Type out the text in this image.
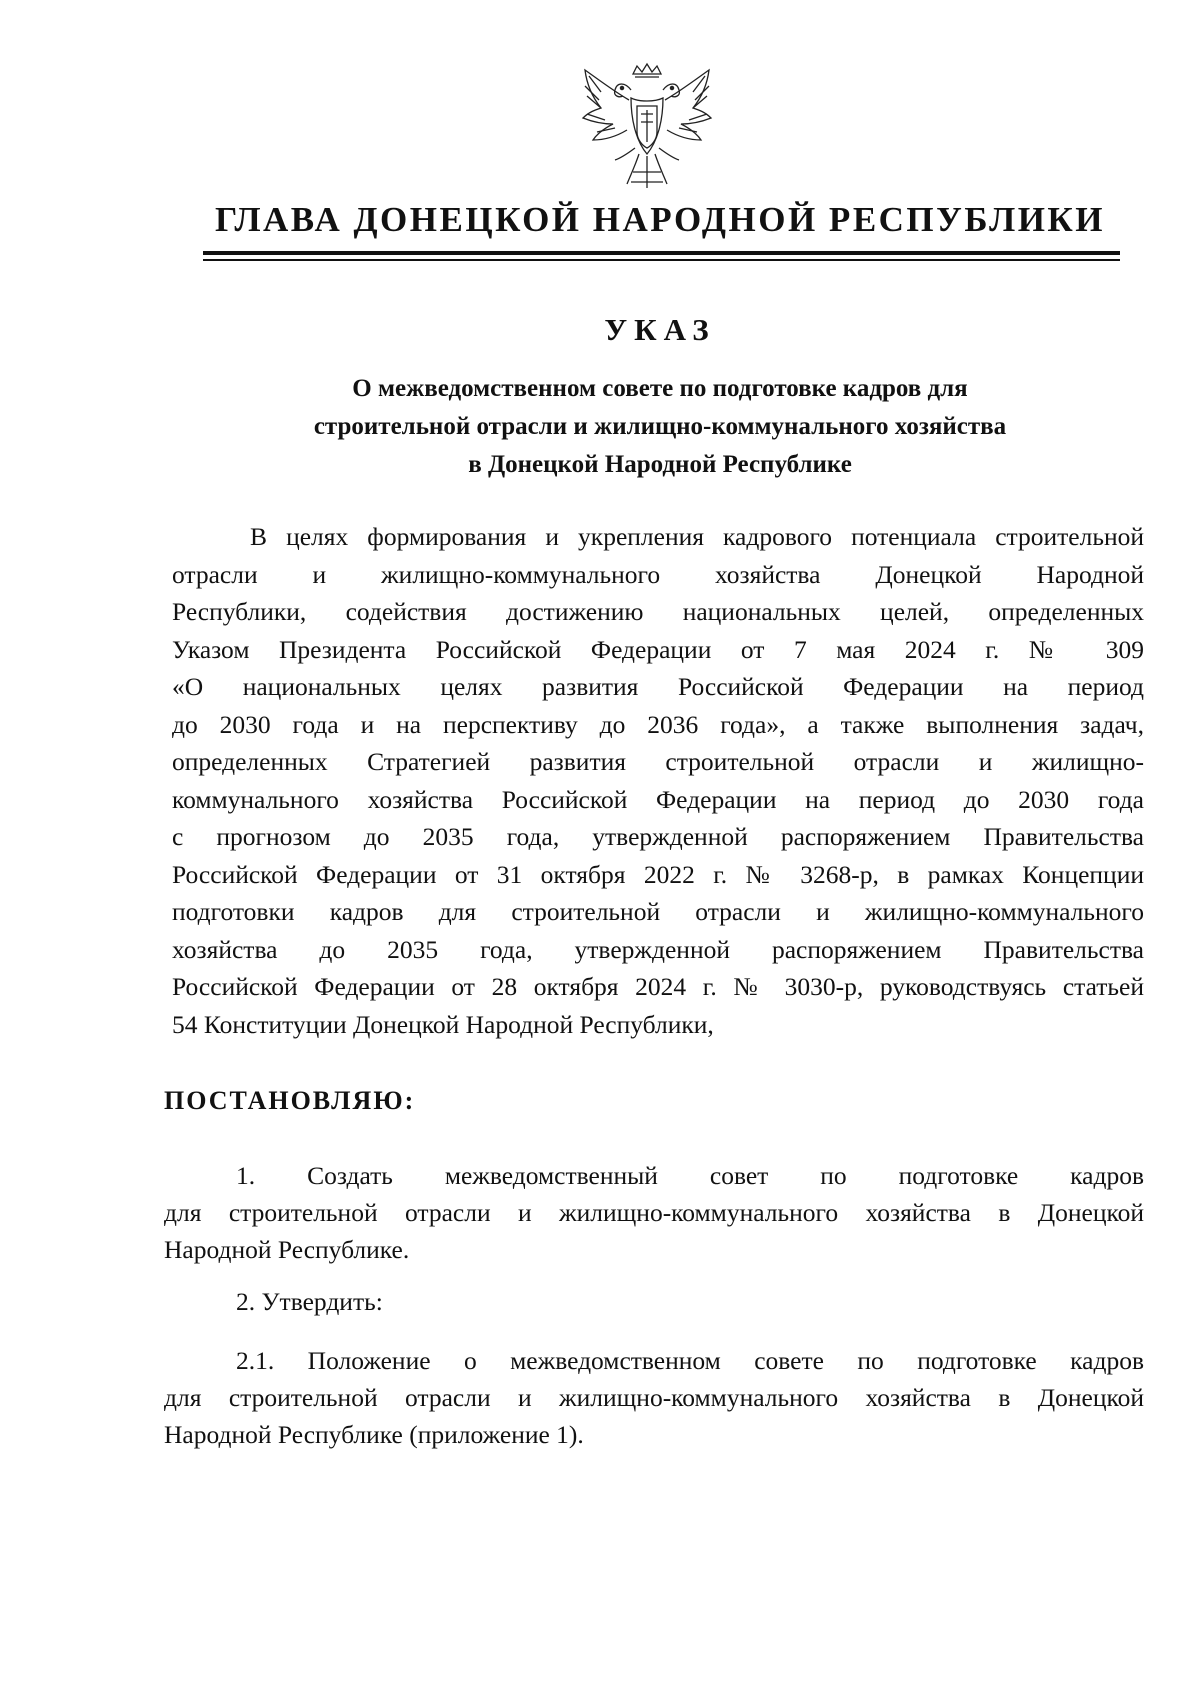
ГЛАВА ДОНЕЦКОЙ НАРОДНОЙ РЕСПУБЛИКИ
УКАЗ
О межведомственном совете по подготовке кадров для
строительной отрасли и жилищно-коммунального хозяйства
в Донецкой Народной Республике
В целях формирования и укрепления кадрового потенциала строительной
отрасли и жилищно-коммунального хозяйства Донецкой Народной
Республики, содействия достижению национальных целей, определенных
Указом Президента Российской Федерации от 7 мая 2024 г. № 309
«О национальных целях развития Российской Федерации на период
до 2030 года и на перспективу до 2036 года», а также выполнения задач,
определенных Стратегией развития строительной отрасли и жилищно-
коммунального хозяйства Российской Федерации на период до 2030 года
с прогнозом до 2035 года, утвержденной распоряжением Правительства
Российской Федерации от 31 октября 2022 г. № 3268-р, в рамках Концепции
подготовки кадров для строительной отрасли и жилищно-коммунального
хозяйства до 2035 года, утвержденной распоряжением Правительства
Российской Федерации от 28 октября 2024 г. № 3030-р, руководствуясь статьей
54 Конституции Донецкой Народной Республики,
ПОСТАНОВЛЯЮ:
1. Создать межведомственный совет по подготовке кадров
для строительной отрасли и жилищно-коммунального хозяйства в Донецкой
Народной Республике.
2. Утвердить:
2.1. Положение о межведомственном совете по подготовке кадров
для строительной отрасли и жилищно-коммунального хозяйства в Донецкой
Народной Республике (приложение 1).
